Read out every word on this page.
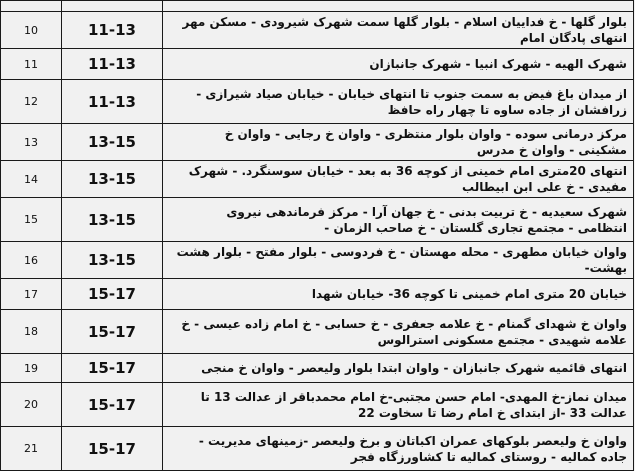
10	11-13	بلوار گلها - خ فداییان اسلام - بلوار گلها سمت شهرک شیرودی - مسکن مهر انتهای پادگان امام
11	11-13	شهرک الهیه - شهرک انبیا - شهرک جانبازان
12	11-13	از میدان باغ فیض به سمت جنوب تا انتهای خیابان - خیابان صیاد شیرازی - زرافشان از جاده ساوه تا چهار راه حافظ
13	13-15	مرکز درمانی سوده - واوان بلوار منتظری - واوان خ رجایی - واوان خ مشکینی - واوان خ مدرس
14	13-15	انتهای 20متری امام خمینی از کوچه 36 به بعد - خیابان سوسنگرد. - شهرک مفیدی - خ علی ابن ابیطالب
15	13-15	شهرک سعیدیه - خ تربیت بدنی - خ جهان آرا - مرکز فرماندهی نیروی انتظامی - مجتمع تجاری گلستان - خ صاحب الزمان -
16	13-15	واوان خیابان مطهری - محله مهستان - خ فردوسی - بلوار مفتح - بلوار هشت بهشت-
17	15-17	خیابان 20 متری امام خمینی تا کوچه 36- خیابان شهدا
18	15-17	واوان خ شهدای گمنام - خ علامه جعفری - خ حسابی - خ امام زاده عیسی - خ علامه شهیدی - مجتمع مسکونی استرالوس
19	15-17	انتهای قائمیه شهرک جانبازان - واوان ابتدا بلوار ولیعصر - واوان خ منجی
20	15-17	میدان نماز-خ المهدی- امام حسن مجتبی-خ امام محمدباقر از عدالت 13 تا عدالت 33 -از ابتدای خ امام رضا تا سخاوت 22
21	15-17	واوان خ ولیعصر بلوکهای عمران اکباتان و برخ ولیعصر -زمینهای مدیریت - جاده کمالیه - روستای کمالیه تا کشاورزگاه فجر
